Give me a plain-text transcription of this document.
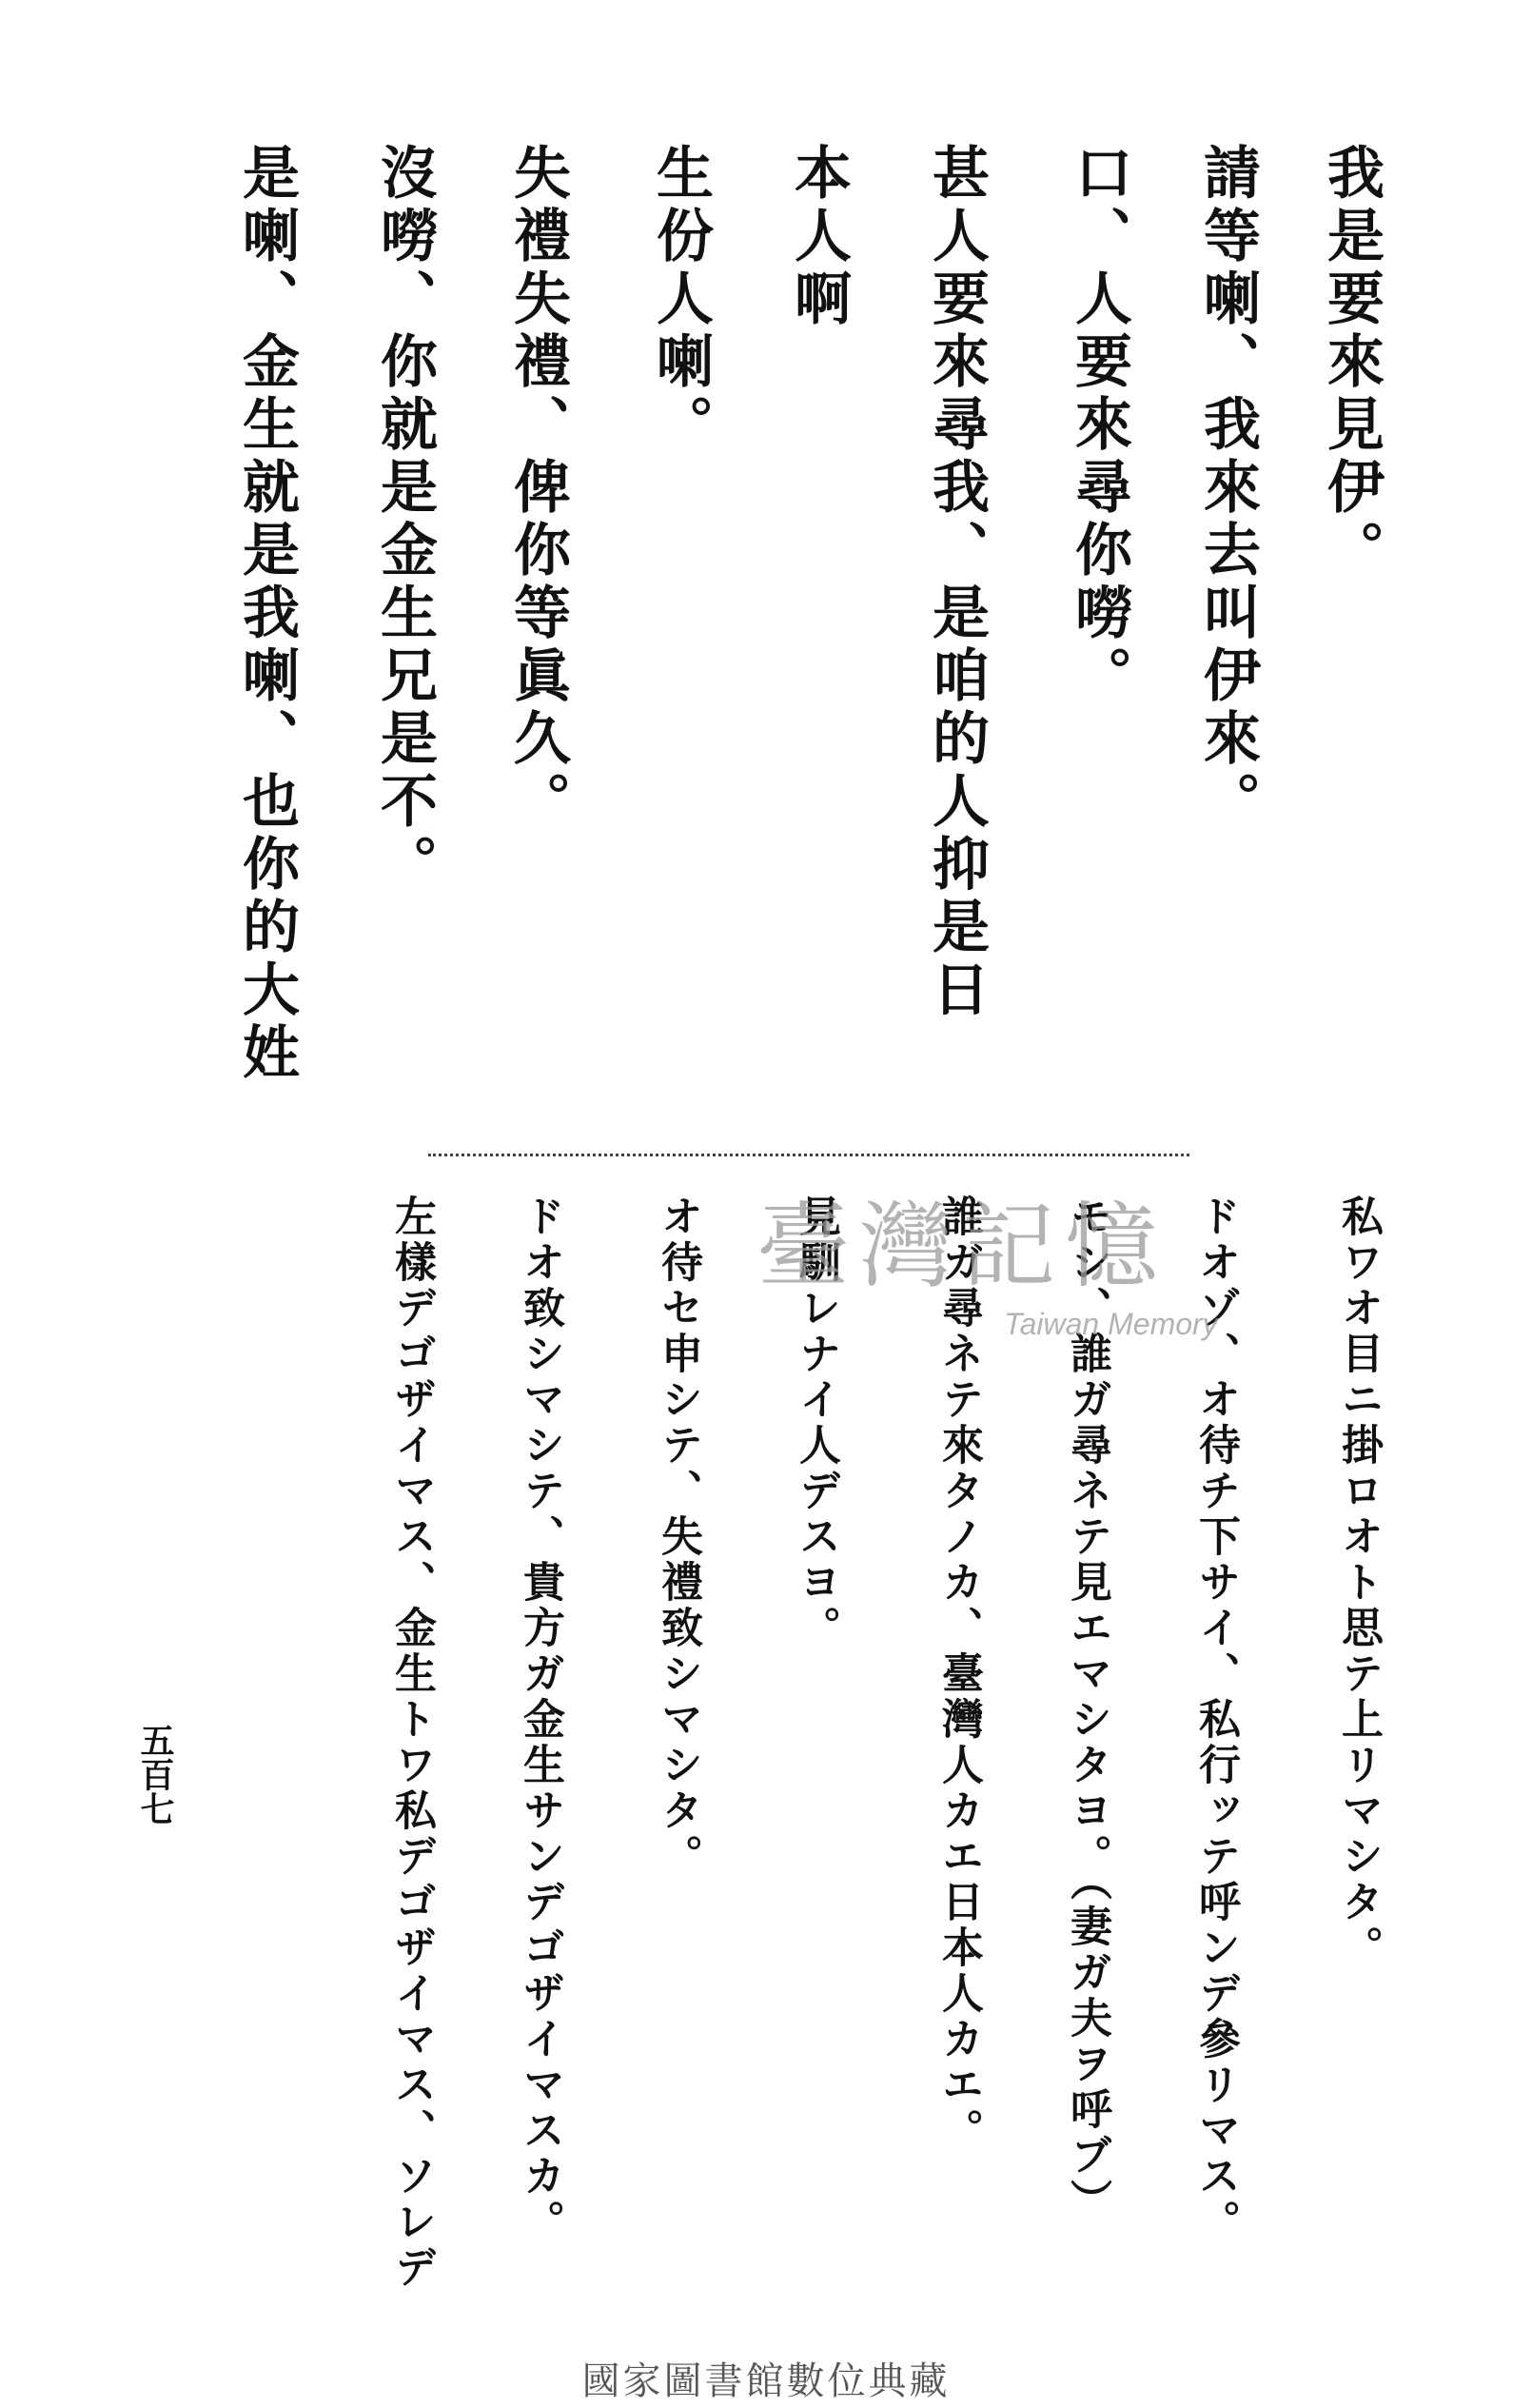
我是要來見伊。

請等喇、我來去叫伊來。

口、人要來尋你嘮。

甚人要來尋我、是咱的人抑是日

本人啊

生份人喇。

失禮失禮、俾你等眞久。

沒嘮、你就是金生兄是不。

是喇、金生就是我喇、也你的大姓

私ワオ目ニ掛ロオト思テ上リマシタ。

ドオゾ、オ待チ下サイ、私行ッテ呼ンデ參リマス。

モシ、誰ガ尋ネテ見エマシタヨ。（妻ガ夫ヲ呼ブ）

誰ガ尋ネテ來タノカ、臺灣人カエ日本人カエ。

見馴レナイ人デスヨ。

オ待セ申シテ、失禮致シマシタ。

ドオ致シマシテ、貴方ガ金生サンデゴザイマスカ。

左樣デゴザイマス、金生トワ私デゴザイマス、ソレデ

五百七
臺灣記憶
Taiwan Memory
國家圖書館數位典藏
